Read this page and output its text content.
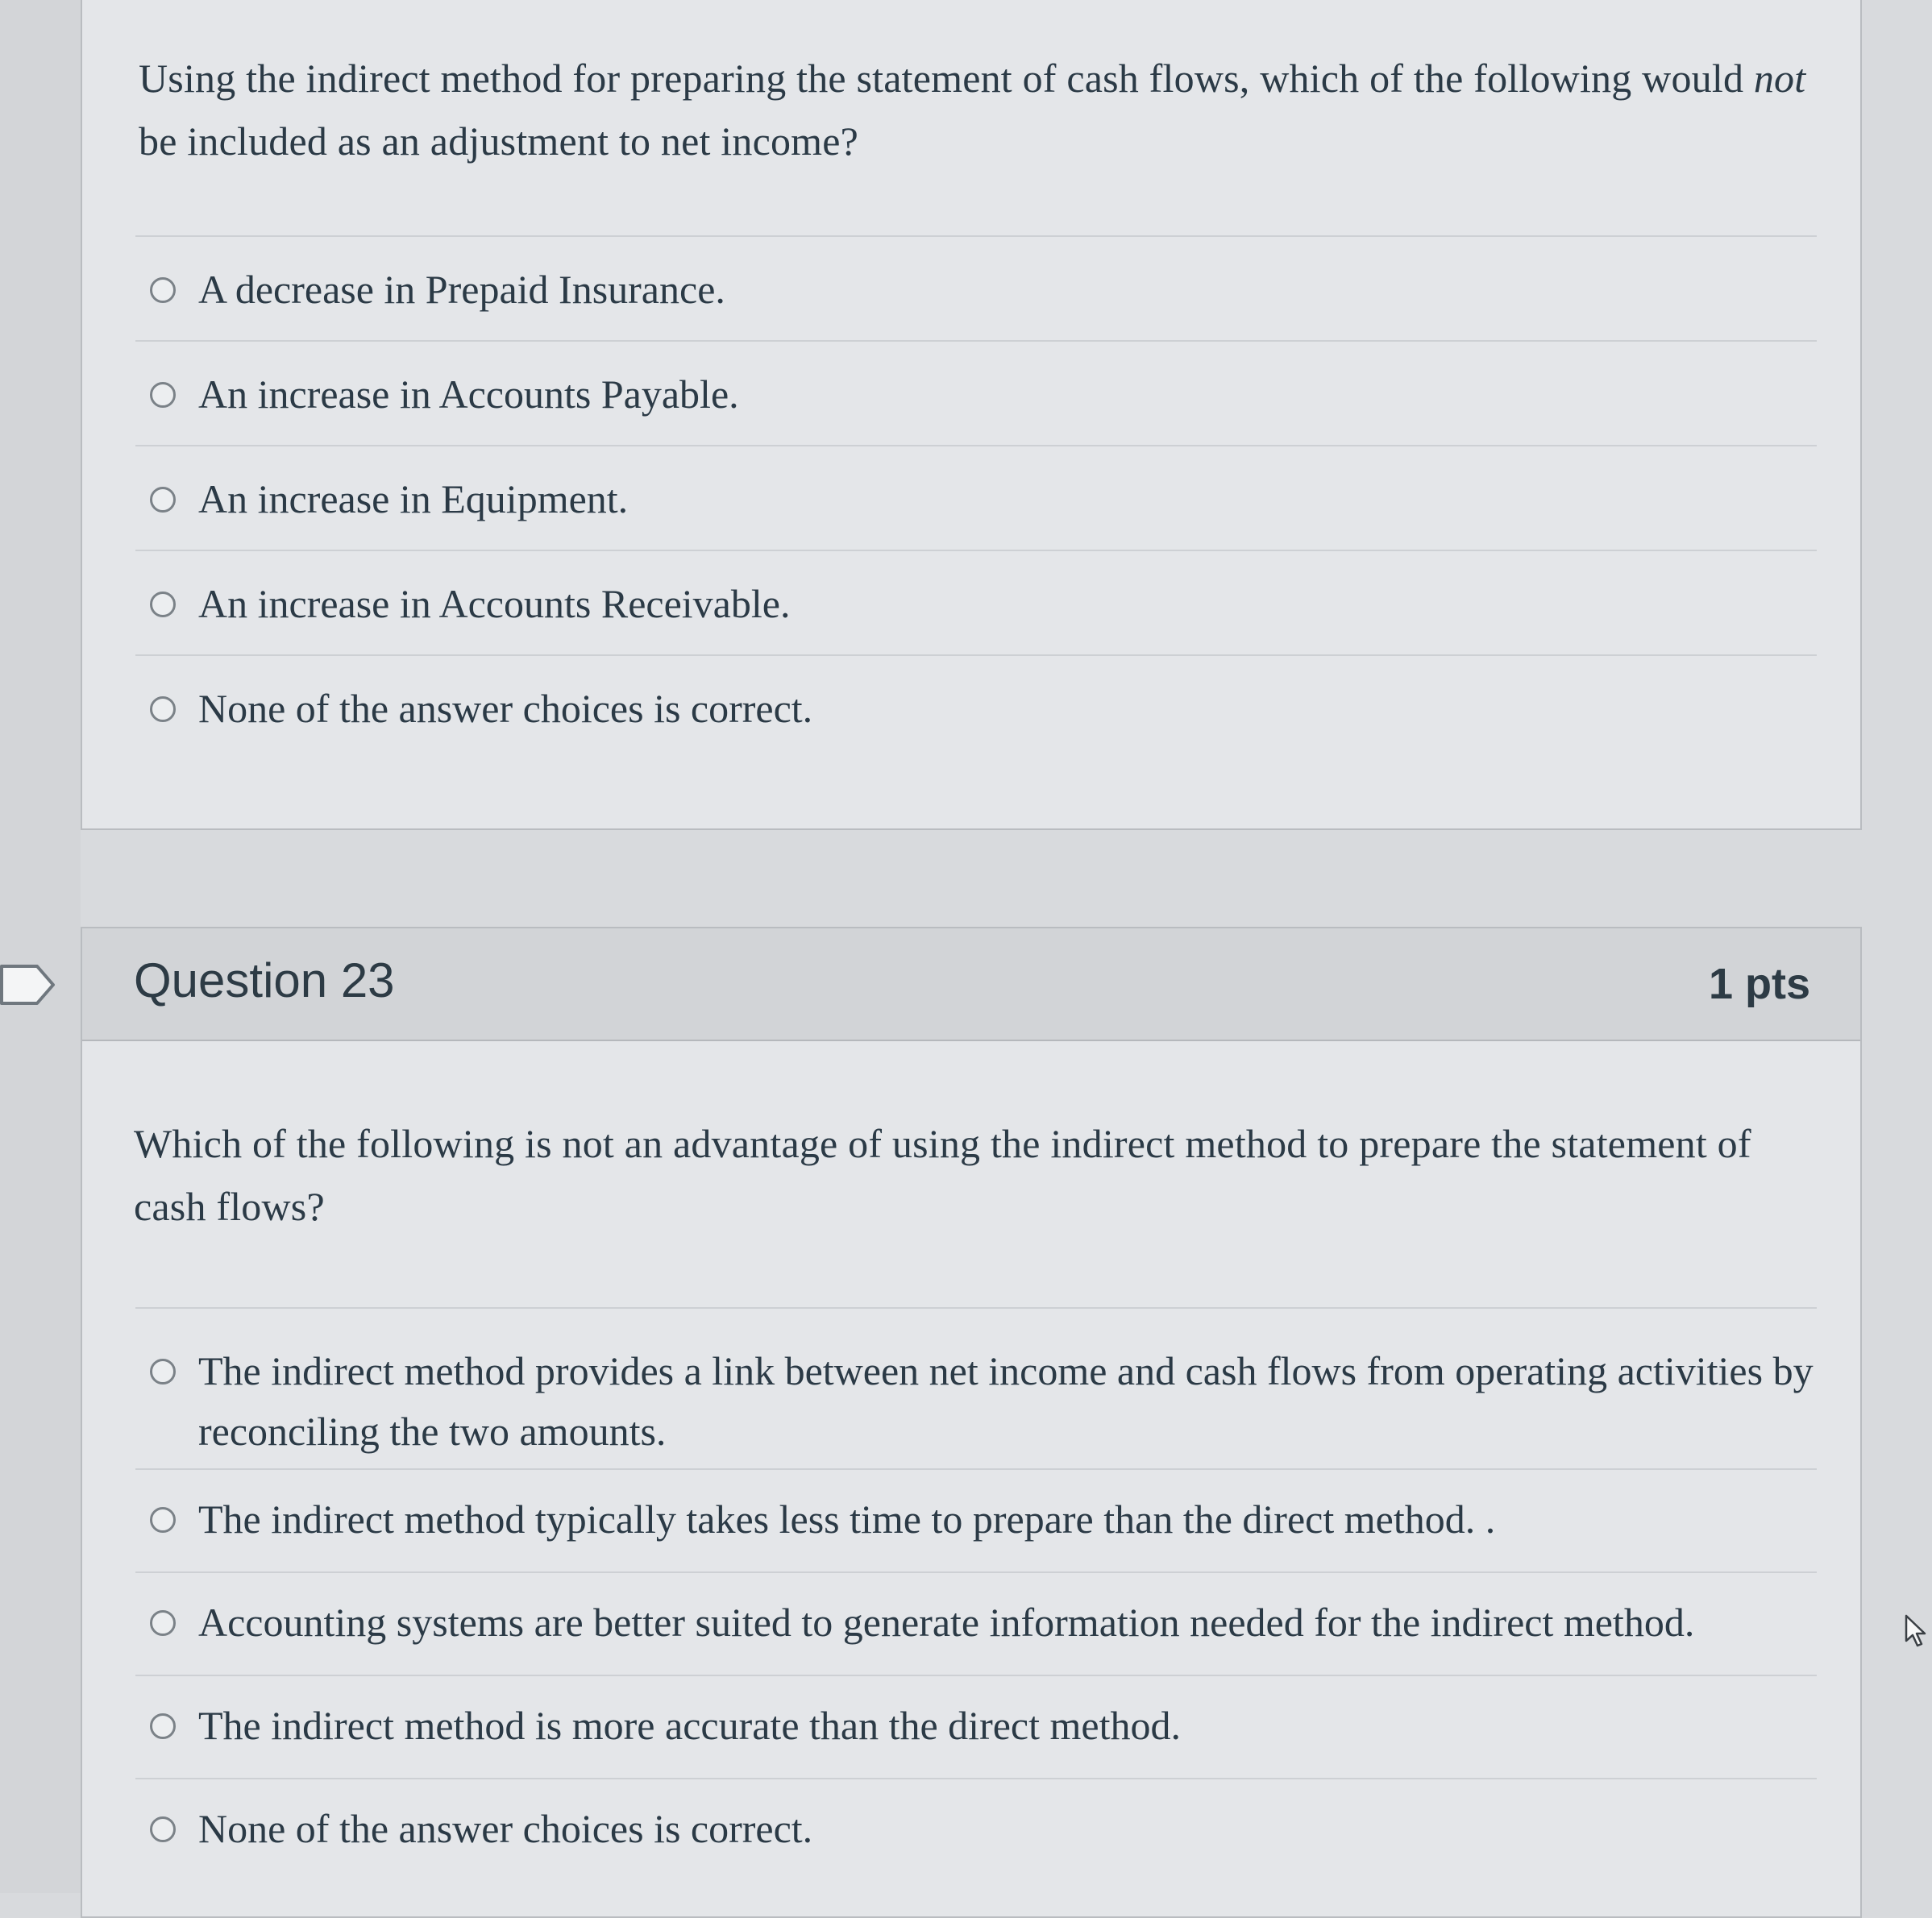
Using the indirect method for preparing the statement of cash flows, which of the following would not be included as an adjustment to net income?
A decrease in Prepaid Insurance.
An increase in Accounts Payable.
An increase in Equipment.
An increase in Accounts Receivable.
None of the answer choices is correct.
Question 23	1 pts
Which of the following is not an advantage of using the indirect method to prepare the statement of cash flows?
The indirect method provides a link between net income and cash flows from operating activities by reconciling the two amounts.
The indirect method typically takes less time to prepare than the direct method. .
Accounting systems are better suited to generate information needed for the indirect method.
The indirect method is more accurate than the direct method.
None of the answer choices is correct.
